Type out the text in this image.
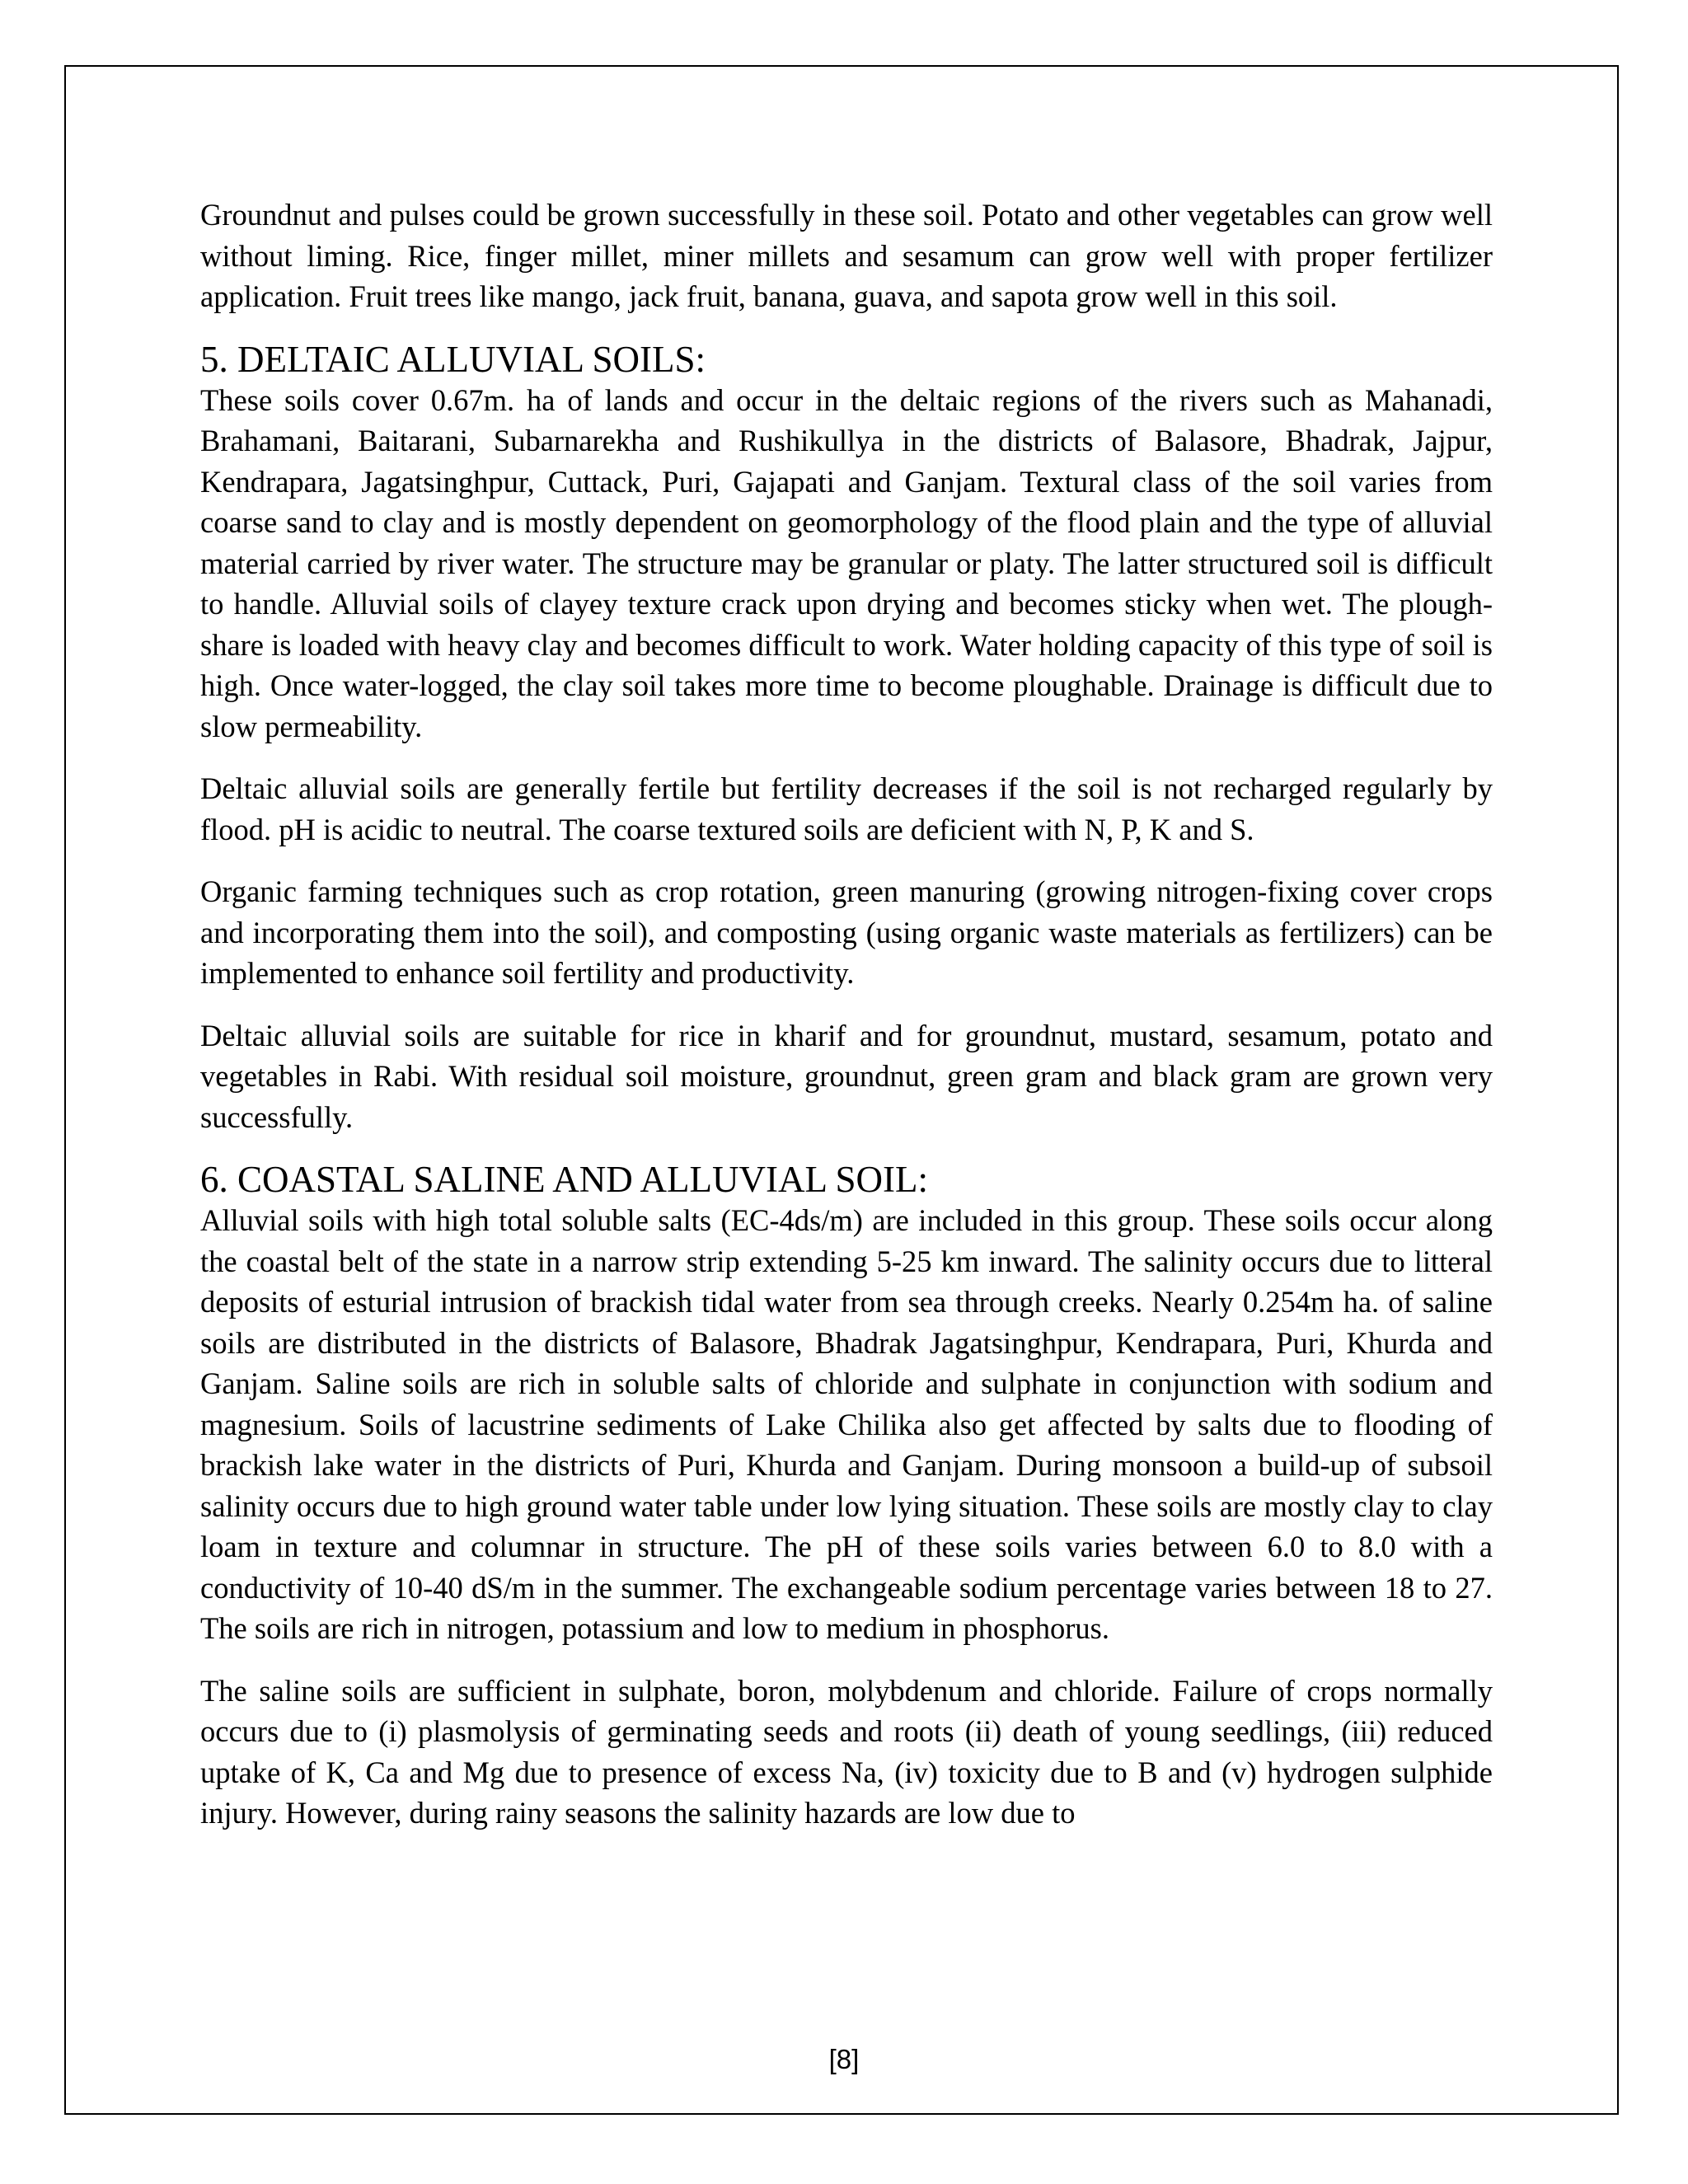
Groundnut and pulses could be grown successfully in these soil. Potato and other vegetables can grow well without liming. Rice, finger millet, miner millets and sesamum can grow well with proper fertilizer application. Fruit trees like mango, jack fruit, banana, guava, and sapota grow well in this soil.

5. DELTAIC ALLUVIAL SOILS:

These soils cover 0.67m. ha of lands and occur in the deltaic regions of the rivers such as Mahanadi, Brahamani, Baitarani, Subarnarekha and Rushikullya in the districts of Balasore, Bhadrak, Jajpur, Kendrapara, Jagatsinghpur, Cuttack, Puri, Gajapati and Ganjam. Textural class of the soil varies from coarse sand to clay and is mostly dependent on geomorphology of the flood plain and the type of alluvial material carried by river water. The structure may be granular or platy. The latter structured soil is difficult to handle. Alluvial soils of clayey texture crack upon drying and becomes sticky when wet. The plough-share is loaded with heavy clay and becomes difficult to work. Water holding capacity of this type of soil is high. Once water-logged, the clay soil takes more time to become ploughable. Drainage is difficult due to slow permeability.

Deltaic alluvial soils are generally fertile but fertility decreases if the soil is not recharged regularly by flood. pH is acidic to neutral. The coarse textured soils are deficient with N, P, K and S.

Organic farming techniques such as crop rotation, green manuring (growing nitrogen-fixing cover crops and incorporating them into the soil), and composting (using organic waste materials as fertilizers) can be implemented to enhance soil fertility and productivity.

Deltaic alluvial soils are suitable for rice in kharif and for groundnut, mustard, sesamum, potato and vegetables in Rabi. With residual soil moisture, groundnut, green gram and black gram are grown very successfully.

6. COASTAL SALINE AND ALLUVIAL SOIL:

Alluvial soils with high total soluble salts (EC-4ds/m) are included in this group. These soils occur along the coastal belt of the state in a narrow strip extending 5-25 km inward. The salinity occurs due to litteral deposits of esturial intrusion of brackish tidal water from sea through creeks. Nearly 0.254m ha. of saline soils are distributed in the districts of Balasore, Bhadrak Jagatsinghpur, Kendrapara, Puri, Khurda and Ganjam. Saline soils are rich in soluble salts of chloride and sulphate in conjunction with sodium and magnesium. Soils of lacustrine sediments of Lake Chilika also get affected by salts due to flooding of brackish lake water in the districts of Puri, Khurda and Ganjam. During monsoon a build-up of subsoil salinity occurs due to high ground water table under low lying situation. These soils are mostly clay to clay loam in texture and columnar in structure. The pH of these soils varies between 6.0 to 8.0 with a conductivity of 10-40 dS/m in the summer. The exchangeable sodium percentage varies between 18 to 27. The soils are rich in nitrogen, potassium and low to medium in phosphorus.

The saline soils are sufficient in sulphate, boron, molybdenum and chloride. Failure of crops normally occurs due to (i) plasmolysis of germinating seeds and roots (ii) death of young seedlings, (iii) reduced uptake of K, Ca and Mg due to presence of excess Na, (iv) toxicity due to B and (v) hydrogen sulphide injury. However, during rainy seasons the salinity hazards are low due to

[8]
